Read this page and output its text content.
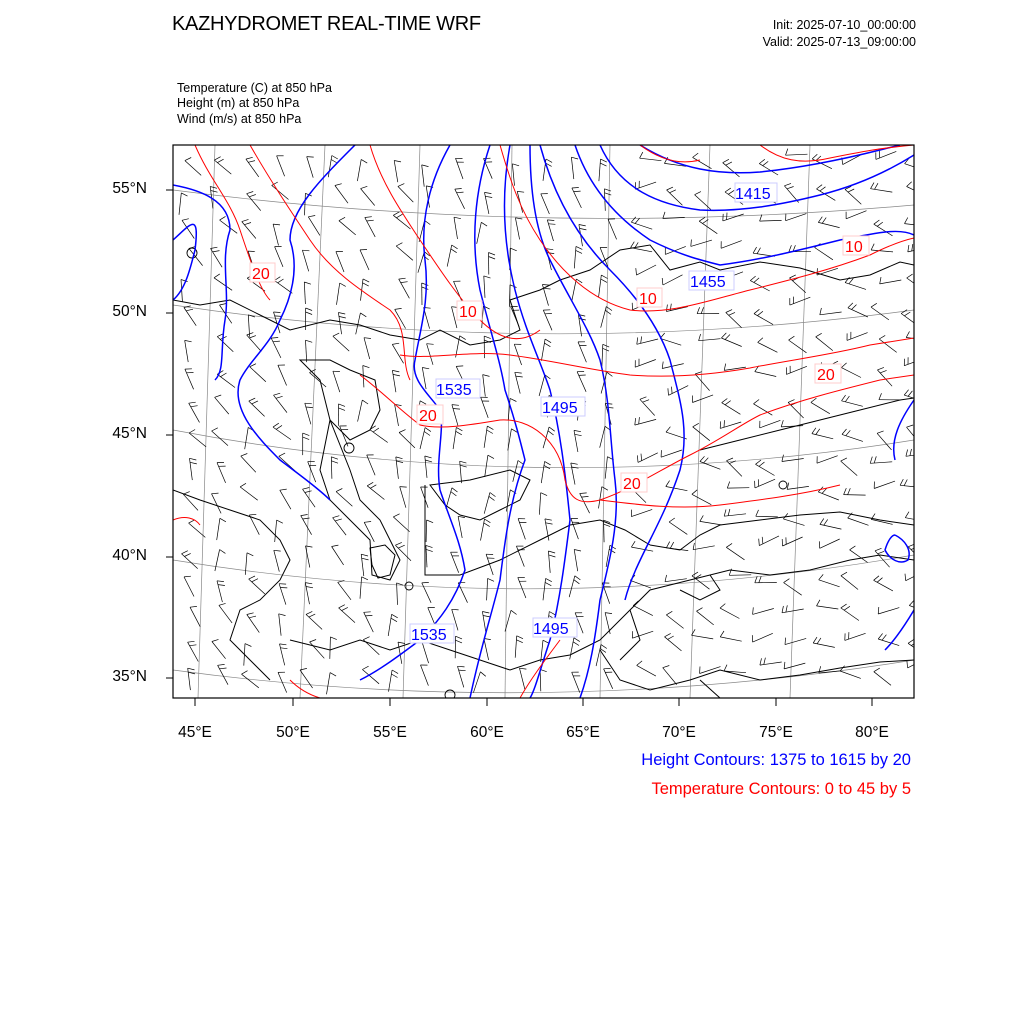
KAZHYDROMET REAL-TIME WRF	Init: 2025-07-10_00:00:00
Valid: 2025-07-13_09:00:00
Temperature (C) at 850 hPa
Height (m) at 850 hPa
Wind (m/s) at 850 hPa
1415
1455
1535
1495
1535	1495
10
20
10
10
20
20
20
55°N
50°N
45°N
40°N
35°N
45°E	50°E	55°E	60°E	65°E	70°E	75°E	80°E
Height Contours: 1375 to 1615 by 20
Temperature Contours: 0 to 45 by 5
